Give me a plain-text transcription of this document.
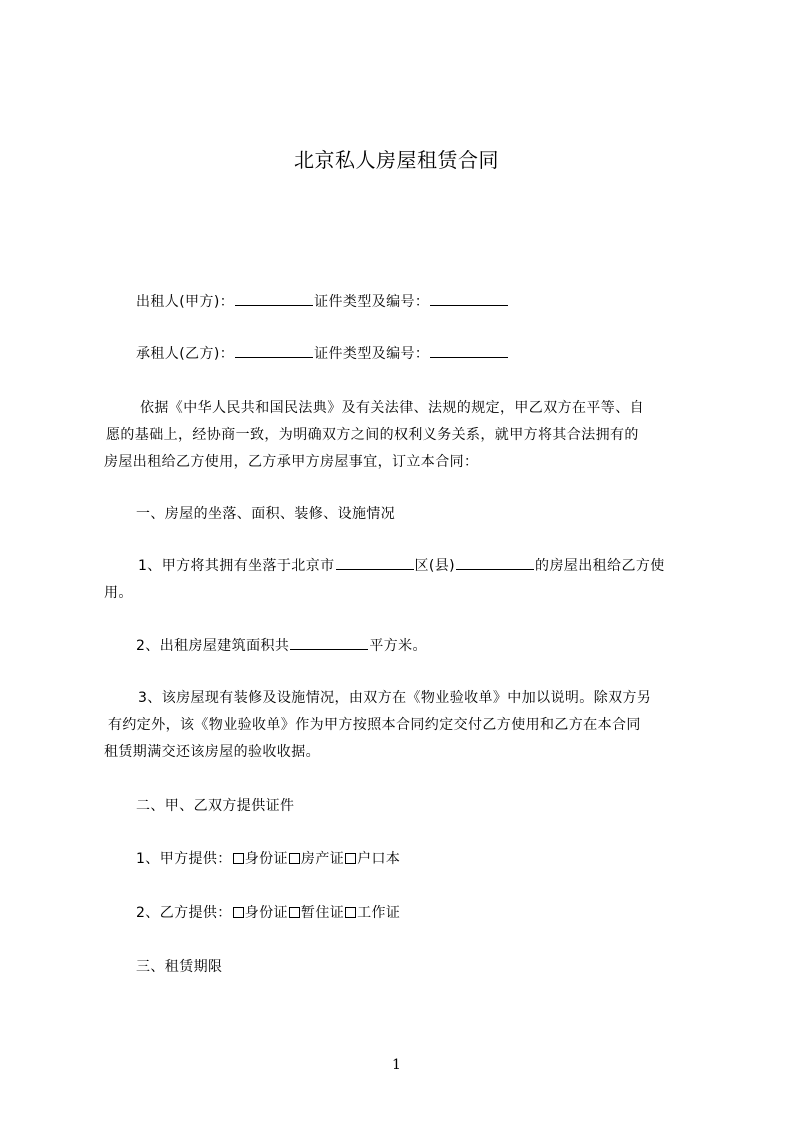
北京私人房屋租赁合同
出租人(甲方)：	证件类型及编号：
承租人(乙方)：	证件类型及编号：
依据《中华人民共和国民法典》及有关法律、法规的规定，甲乙双方在平等、自
愿的基础上，经协商一致，为明确双方之间的权利义务关系，就甲方将其合法拥有的
房屋出租给乙方使用，乙方承甲方房屋事宜，订立本合同：
一、房屋的坐落、面积、装修、设施情况
1、甲方将其拥有坐落于北京市	区(县)	的房屋出租给乙方使
用。
2、出租房屋建筑面积共	平方米。
3、该房屋现有装修及设施情况，由双方在《物业验收单》中加以说明。除双方另
有约定外，该《物业验收单》作为甲方按照本合同约定交付乙方使用和乙方在本合同
租赁期满交还该房屋的验收收据。
二、甲、乙双方提供证件
1、甲方提供： 身份证 房产证 户口本
2、乙方提供： 身份证 暂住证 工作证
三、租赁期限
1
